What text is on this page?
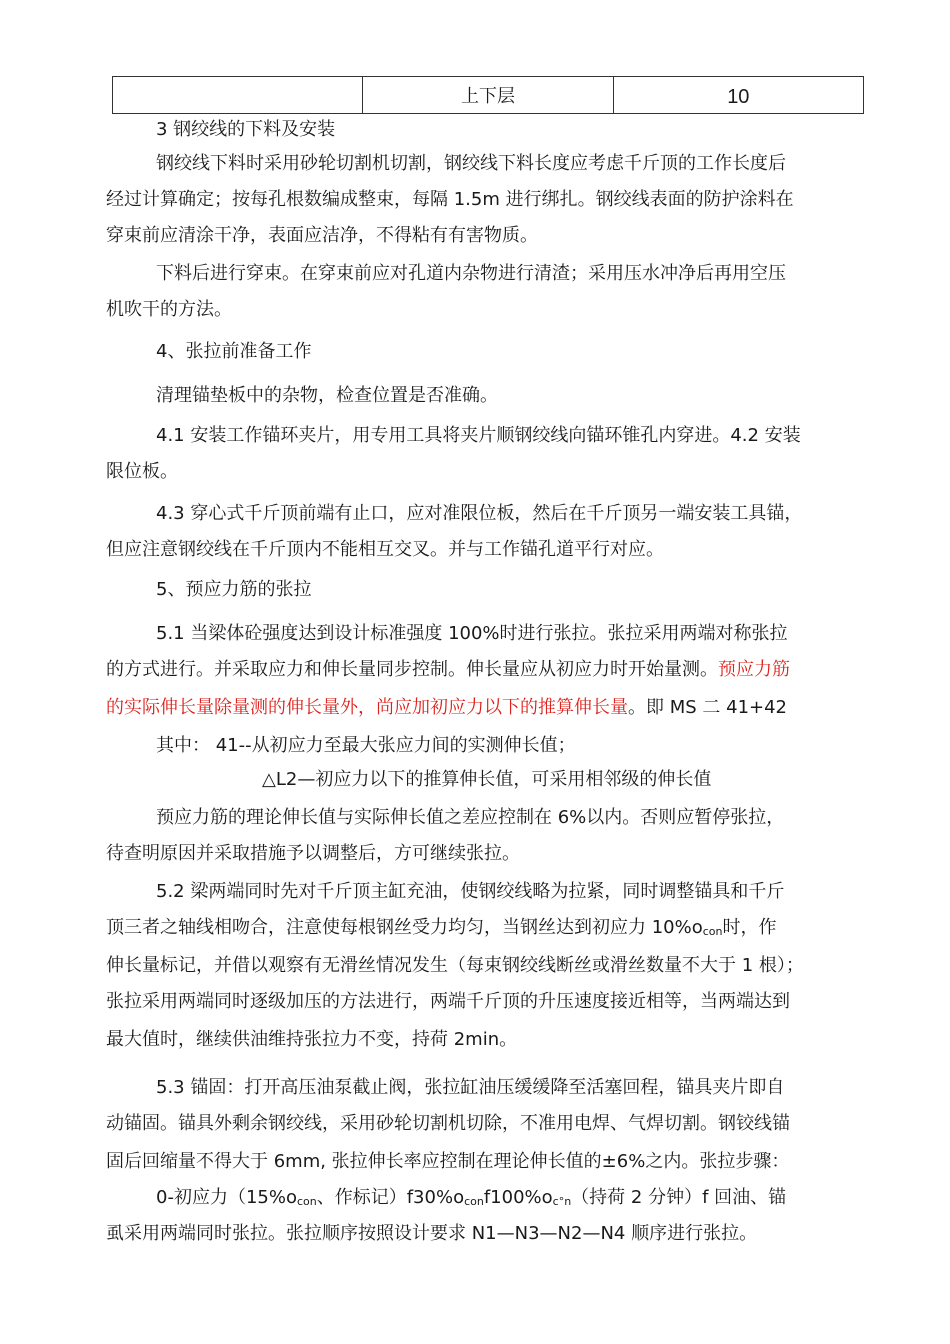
上下层	10
3 钢绞线的下料及安装
钢绞线下料时采用砂轮切割机切割，钢绞线下料长度应考虑千斤顶的工作长度后
经过计算确定；按每孔根数编成整束，每隔 1.5m 进行绑扎。钢绞线表面的防护涂料在
穿束前应清涂干净，表面应洁净，不得粘有有害物质。
下料后进行穿束。在穿束前应对孔道内杂物进行清渣；采用压水冲净后再用空压
机吹干的方法。
4、张拉前准备工作
清理锚垫板中的杂物，检查位置是否准确。
4.1 安装工作锚环夹片，用专用工具将夹片顺钢绞线向锚环锥孔内穿进。4.2 安装
限位板。
4.3 穿心式千斤顶前端有止口，应对准限位板，然后在千斤顶另一端安装工具锚，
但应注意钢绞线在千斤顶内不能相互交叉。并与工作锚孔道平行对应。
5、预应力筋的张拉
5.1 当梁体砼强度达到设计标准强度 100%时进行张拉。张拉采用两端对称张拉
的方式进行。并采取应力和伸长量同步控制。伸长量应从初应力时开始量测。预应力筋
的实际伸长量除量测的伸长量外，尚应加初应力以下的推算伸长量。即 MS 二 41+42
其中： 41--从初应力至最大张应力间的实测伸长值；
△L2—初应力以下的推算伸长值，可采用相邻级的伸长值
预应力筋的理论伸长值与实际伸长值之差应控制在 6%以内。否则应暂停张拉，
待查明原因并采取措施予以调整后，方可继续张拉。
5.2 梁两端同时先对千斤顶主缸充油，使钢绞线略为拉紧，同时调整锚具和千斤
顶三者之轴线相吻合，注意使每根钢丝受力均匀，当钢丝达到初应力 $10\%o_{con}$时，作
伸长量标记，并借以观察有无滑丝情况发生（每束钢绞线断丝或滑丝数量不大于 1 根）；
张拉采用两端同时逐级加压的方法进行，两端千斤顶的升压速度接近相等，当两端达到
最大值时，继续供油维持张拉力不变，持荷 2min。
5.3 锚固：打开高压油泵截止阀，张拉缸油压缓缓降至活塞回程，锚具夹片即自
动锚固。锚具外剩余钢绞线，采用砂轮切割机切除，不准用电焊、气焊切割。钢铰线锚
固后回缩量不得大于 6mm, 张拉伸长率应控制在理论伸长值的±6%之内。张拉步骤：
0-初应力（$15\%o_{con}$、作标记）$f30\%o_{con}f100\%o_{c^\circ n}$（持荷 2 分钟）f 回油、锚
虱采用两端同时张拉。张拉顺序按照设计要求 N1—N3—N2—N4 顺序进行张拉。
